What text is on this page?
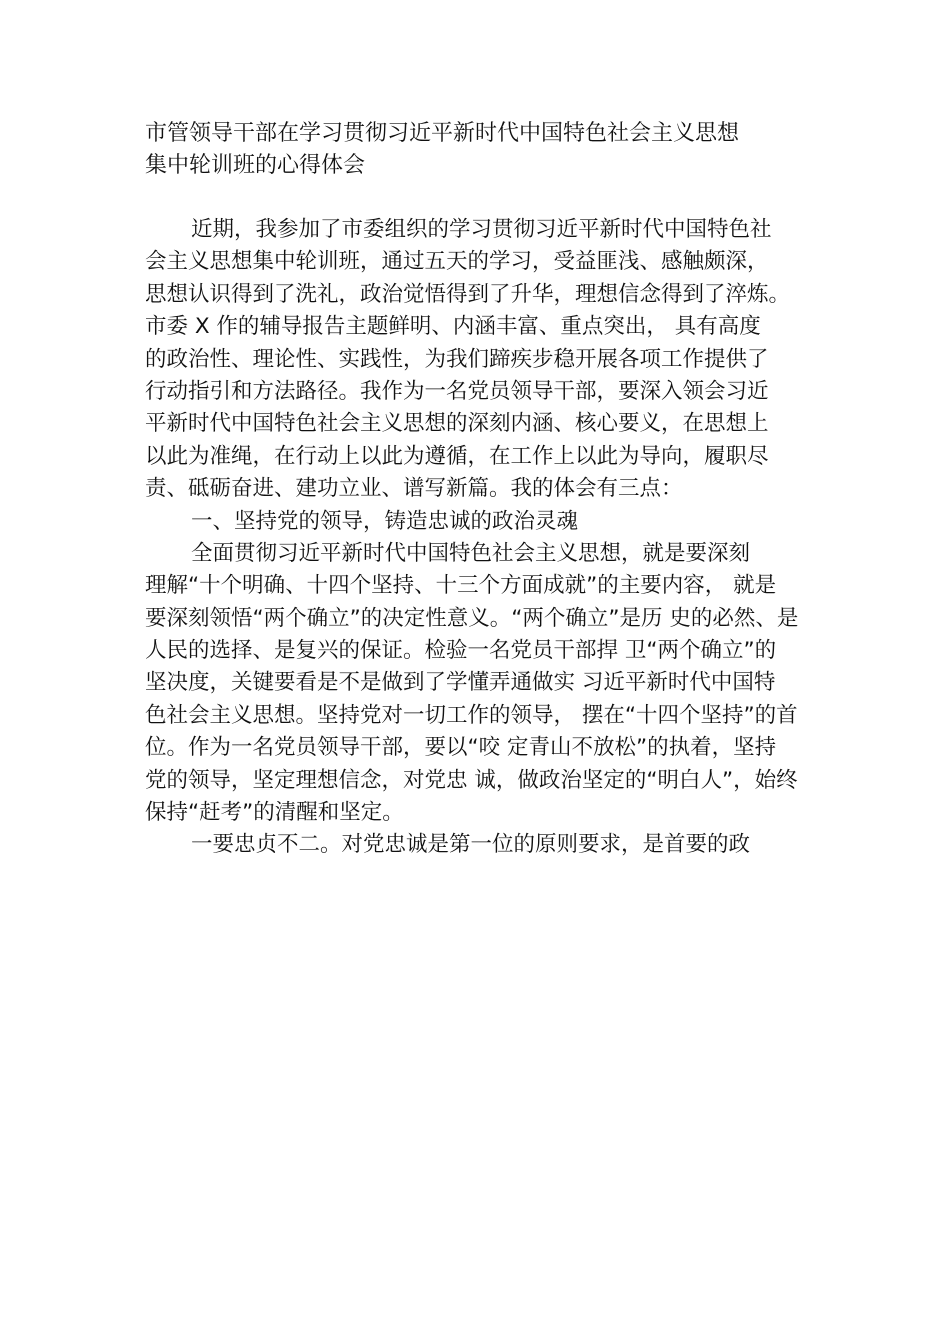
市管领导干部在学习贯彻习近平新时代中国特色社会主义思想
集中轮训班的心得体会
近期，我参加了市委组织的学习贯彻习近平新时代中国特色社
会主义思想集中轮训班，通过五天的学习，受益匪浅、感触颇深，
思想认识得到了洗礼，政治觉悟得到了升华，理想信念得到了淬炼。
市委 X 作的辅导报告主题鲜明、内涵丰富、重点突出， 具有高度
的政治性、理论性、实践性，为我们蹄疾步稳开展各项工作提供了
行动指引和方法路径。我作为一名党员领导干部，要深入领会习近
平新时代中国特色社会主义思想的深刻内涵、核心要义，在思想上
以此为准绳，在行动上以此为遵循，在工作上以此为导向，履职尽
责、砥砺奋进、建功立业、谱写新篇。我的体会有三点：
一、坚持党的领导，铸造忠诚的政治灵魂
全面贯彻习近平新时代中国特色社会主义思想，就是要深刻
理解“十个明确、十四个坚持、十三个方面成就”的主要内容， 就是
要深刻领悟“两个确立”的决定性意义。“两个确立”是历 史的必然、是
人民的选择、是复兴的保证。检验一名党员干部捍 卫“两个确立”的
坚决度，关键要看是不是做到了学懂弄通做实 习近平新时代中国特
色社会主义思想。坚持党对一切工作的领导， 摆在“十四个坚持”的首
位。作为一名党员领导干部，要以“咬 定青山不放松”的执着，坚持
党的领导，坚定理想信念，对党忠 诚，做政治坚定的“明白人”，始终
保持“赶考”的清醒和坚定。
一要忠贞不二。对党忠诚是第一位的原则要求，是首要的政
